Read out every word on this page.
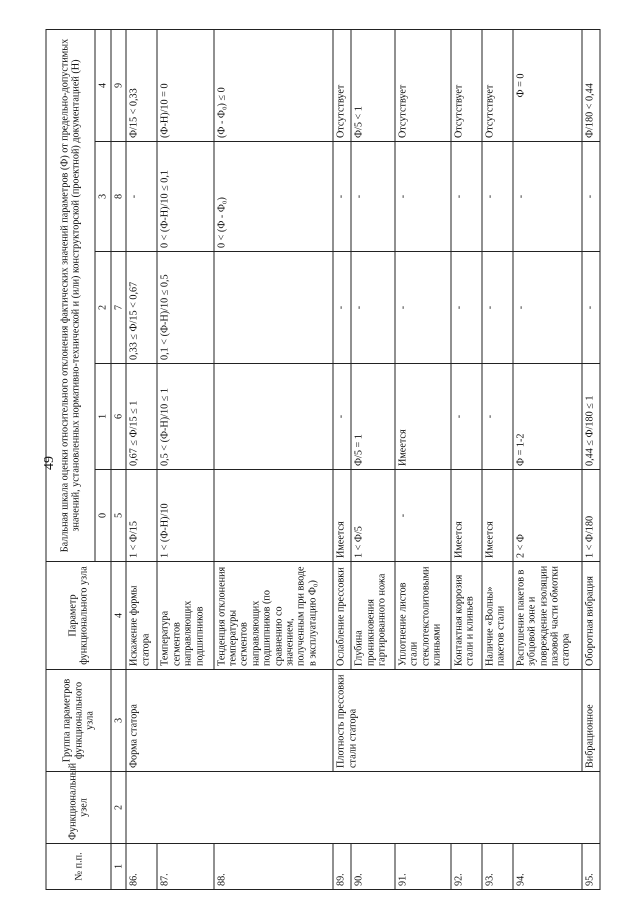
49
№ п.п.	Функциональный узел	Группа параметров функционального узла	Параметр функционального узла	Балльная шкала оценки относительного отклонения фактических значений параметров (Ф) от предельно-допустимых значений, установленных нормативно-технической и (или) конструкторской (проектной) документацией (Н)				
				0	1	2	3	4
1	2	3	4	5	6	7	8	9
86.		Форма статора	Искажение формы статора	1 < Ф/15	0,67 ≤ Ф/15 ≤ 1	0,33 ≤ Ф/15 < 0,67	-	Ф/15 < 0,33
87.			Температура сегментов направляющих подшипников	1 < (Ф-Н)/10	0,5 < (Ф-Н)/10 ≤ 1	0,1 < (Ф-Н)/10 ≤ 0,5	0 < (Ф-Н)/10 ≤ 0,1	(Ф-Н)/10 = 0
88.			Тенденция отклонения температуры сегментов направляющих подшипников (по сравнению со значением, полученным при вводе в эксплуатацию Ф₀)				0 < (Ф - Ф₀)	(Ф - Ф₀) ≤ 0
89.		Плотность прессовки стали статора	Ослабление прессовки	Имеется	-	-	-	Отсутствует
90.			Глубина проникновения гартированного ножа	1 < Ф/5	Ф/5 = 1	-	-	Ф/5 < 1
91.			Уплотнение листов стали стеклотекстолитовыми клиньями	-	Имеется	-	-	Отсутствует
92.			Контактная коррозия стали и клиньев	Имеется	-	-	-	Отсутствует
93.			Наличие «Волны» пакетов стали	Имеется	-	-	-	Отсутствует
94.			Распушение пакетов в зубцовой зоне и повреждение изоляции пазовой части обмотки статора	2 < Ф	Ф = 1-2	-	-	Ф = 0
95.		Вибрационное	Оборотная вибрация	1 < Ф/180	0,44 ≤ Ф/180 ≤ 1	-	-	Ф/180 < 0,44
